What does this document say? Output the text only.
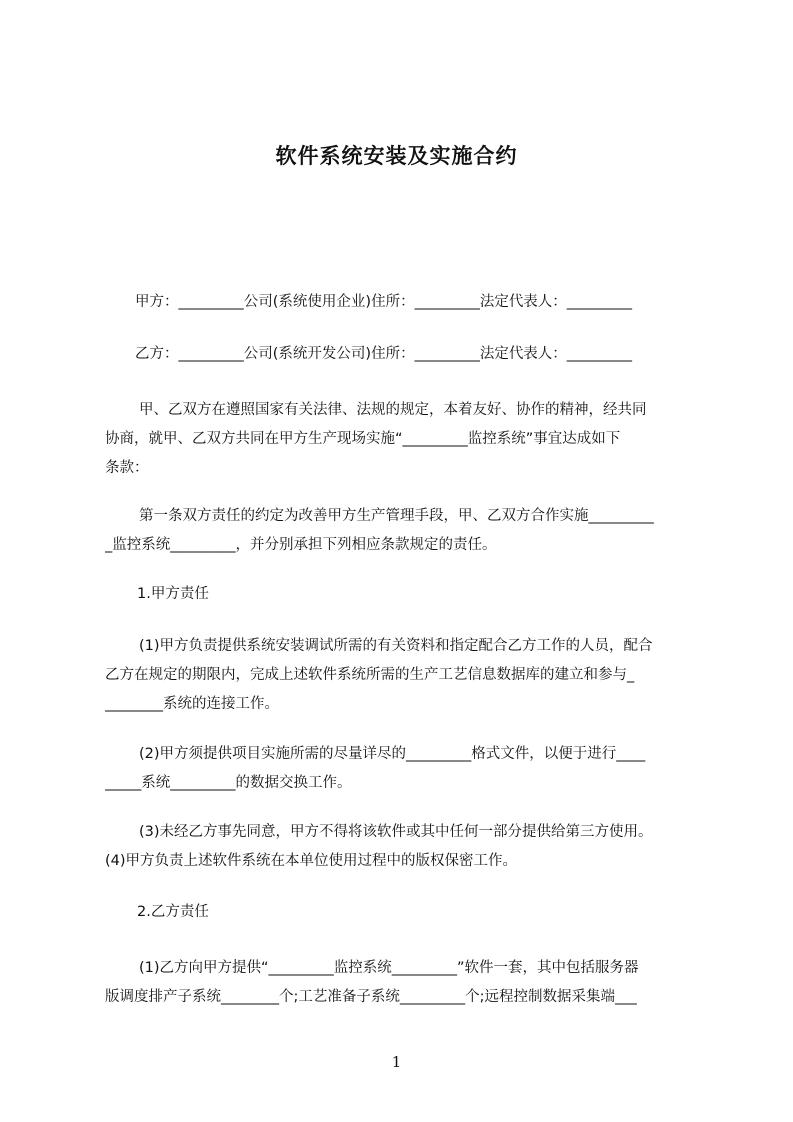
软件系统安装及实施合约
甲方：_________公司(系统使用企业)住所：_________法定代表人：_________
乙方：_________公司(系统开发公司)住所：_________法定代表人：_________
甲、乙双方在遵照国家有关法律、法规的规定，本着友好、协作的精神，经共同
协商，就甲、乙双方共同在甲方生产现场实施“_________监控系统”事宜达成如下
条款：
第一条双方责任的约定为改善甲方生产管理手段，甲、乙双方合作实施_________
_监控系统_________，并分别承担下列相应条款规定的责任。
1.甲方责任
(1)甲方负责提供系统安装调试所需的有关资料和指定配合乙方工作的人员，配合
乙方在规定的期限内，完成上述软件系统所需的生产工艺信息数据库的建立和参与_
________系统的连接工作。
(2)甲方须提供项目实施所需的尽量详尽的_________格式文件，以便于进行____
_____系统_________的数据交换工作。
(3)未经乙方事先同意，甲方不得将该软件或其中任何一部分提供给第三方使用。
(4)甲方负责上述软件系统在本单位使用过程中的版权保密工作。
2.乙方责任
(1)乙方向甲方提供“_________监控系统_________”软件一套，其中包括服务器
版调度排产子系统________个;工艺准备子系统_________个;远程控制数据采集端___
1
